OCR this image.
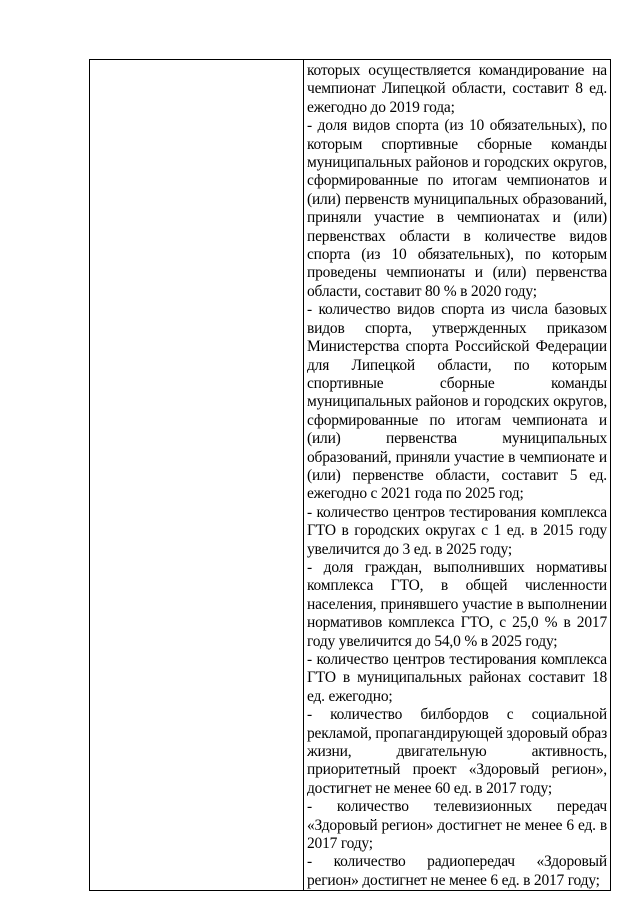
которых осуществляется командирование на чемпионат Липецкой области, составит 8 ед. ежегодно до 2019 года;

- доля видов спорта (из 10 обязательных), по которым спортивные сборные команды муниципальных районов и городских округов, сформированные по итогам чемпионатов и (или) первенств муниципальных образований, приняли участие в чемпионатах и (или) первенствах области в количестве видов спорта (из 10 обязательных), по которым проведены чемпионаты и (или) первенства области, составит 80 % в 2020 году;

- количество видов спорта из числа базовых видов спорта, утвержденных приказом Министерства спорта Российской Федерации для Липецкой области, по которым спортивные сборные команды муниципальных районов и городских округов, сформированные по итогам чемпионата и (или) первенства муниципальных образований, приняли участие в чемпионате и (или) первенстве области, составит 5 ед. ежегодно с 2021 года по 2025 год;

- количество центров тестирования комплекса ГТО в городских округах с 1 ед. в 2015 году увеличится до 3 ед. в 2025 году;

- доля граждан, выполнивших нормативы комплекса ГТО, в общей численности населения, принявшего участие в выполнении нормативов комплекса ГТО, с 25,0 % в 2017 году увеличится до 54,0 % в 2025 году;

- количество центров тестирования комплекса ГТО в муниципальных районах составит 18 ед. ежегодно;

- количество билбордов с социальной рекламой, пропагандирующей здоровый образ жизни, двигательную активность, приоритетный проект «Здоровый регион», достигнет не менее 60 ед. в 2017 году;

- количество телевизионных передач «Здоровый регион» достигнет не менее 6 ед. в 2017 году;

- количество радиопередач «Здоровый регион» достигнет не менее 6 ед. в 2017 году;
